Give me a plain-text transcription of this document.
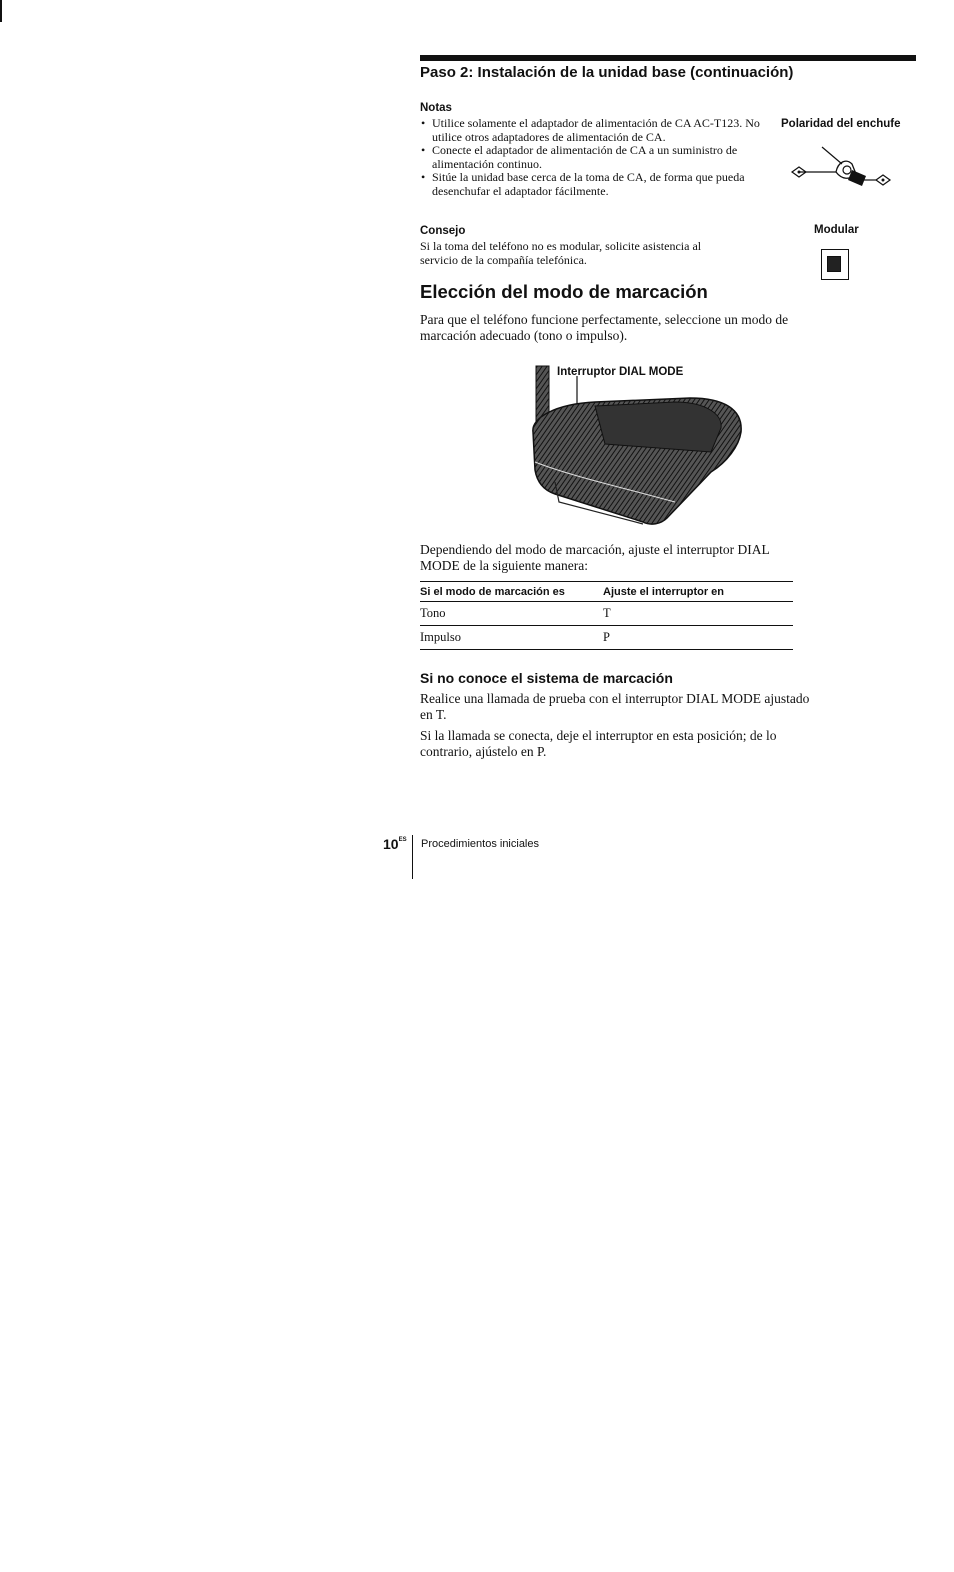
Paso 2: Instalación de la unidad base (continuación)
Notas
• Utilice solamente el adaptador de alimentación de CA AC-T123. No utilice otros adaptadores de alimentación de CA.
• Conecte el adaptador de alimentación de CA a un suministro de alimentación continuo.
• Sitúe la unidad base cerca de la toma de CA, de forma que pueda desenchufar el adaptador fácilmente.
Consejo
Si la toma del teléfono no es modular, solicite asistencia al servicio de la compañía telefónica.
Polaridad del enchufe
Modular
Elección del modo de marcación
Para que el teléfono funcione perfectamente, seleccione un modo de marcación adecuado (tono o impulso).
Interruptor DIAL MODE
Dependiendo del modo de marcación, ajuste el interruptor DIAL MODE de la siguiente manera:
Si el modo de marcación es	Ajuste el interruptor en
Tono	T
Impulso	P
Si no conoce el sistema de marcación
Realice una llamada de prueba con el interruptor DIAL MODE ajustado en T.
Si la llamada se conecta, deje el interruptor en esta posición; de lo contrario, ajústelo en P.
$10^{ES}$ Procedimientos iniciales
